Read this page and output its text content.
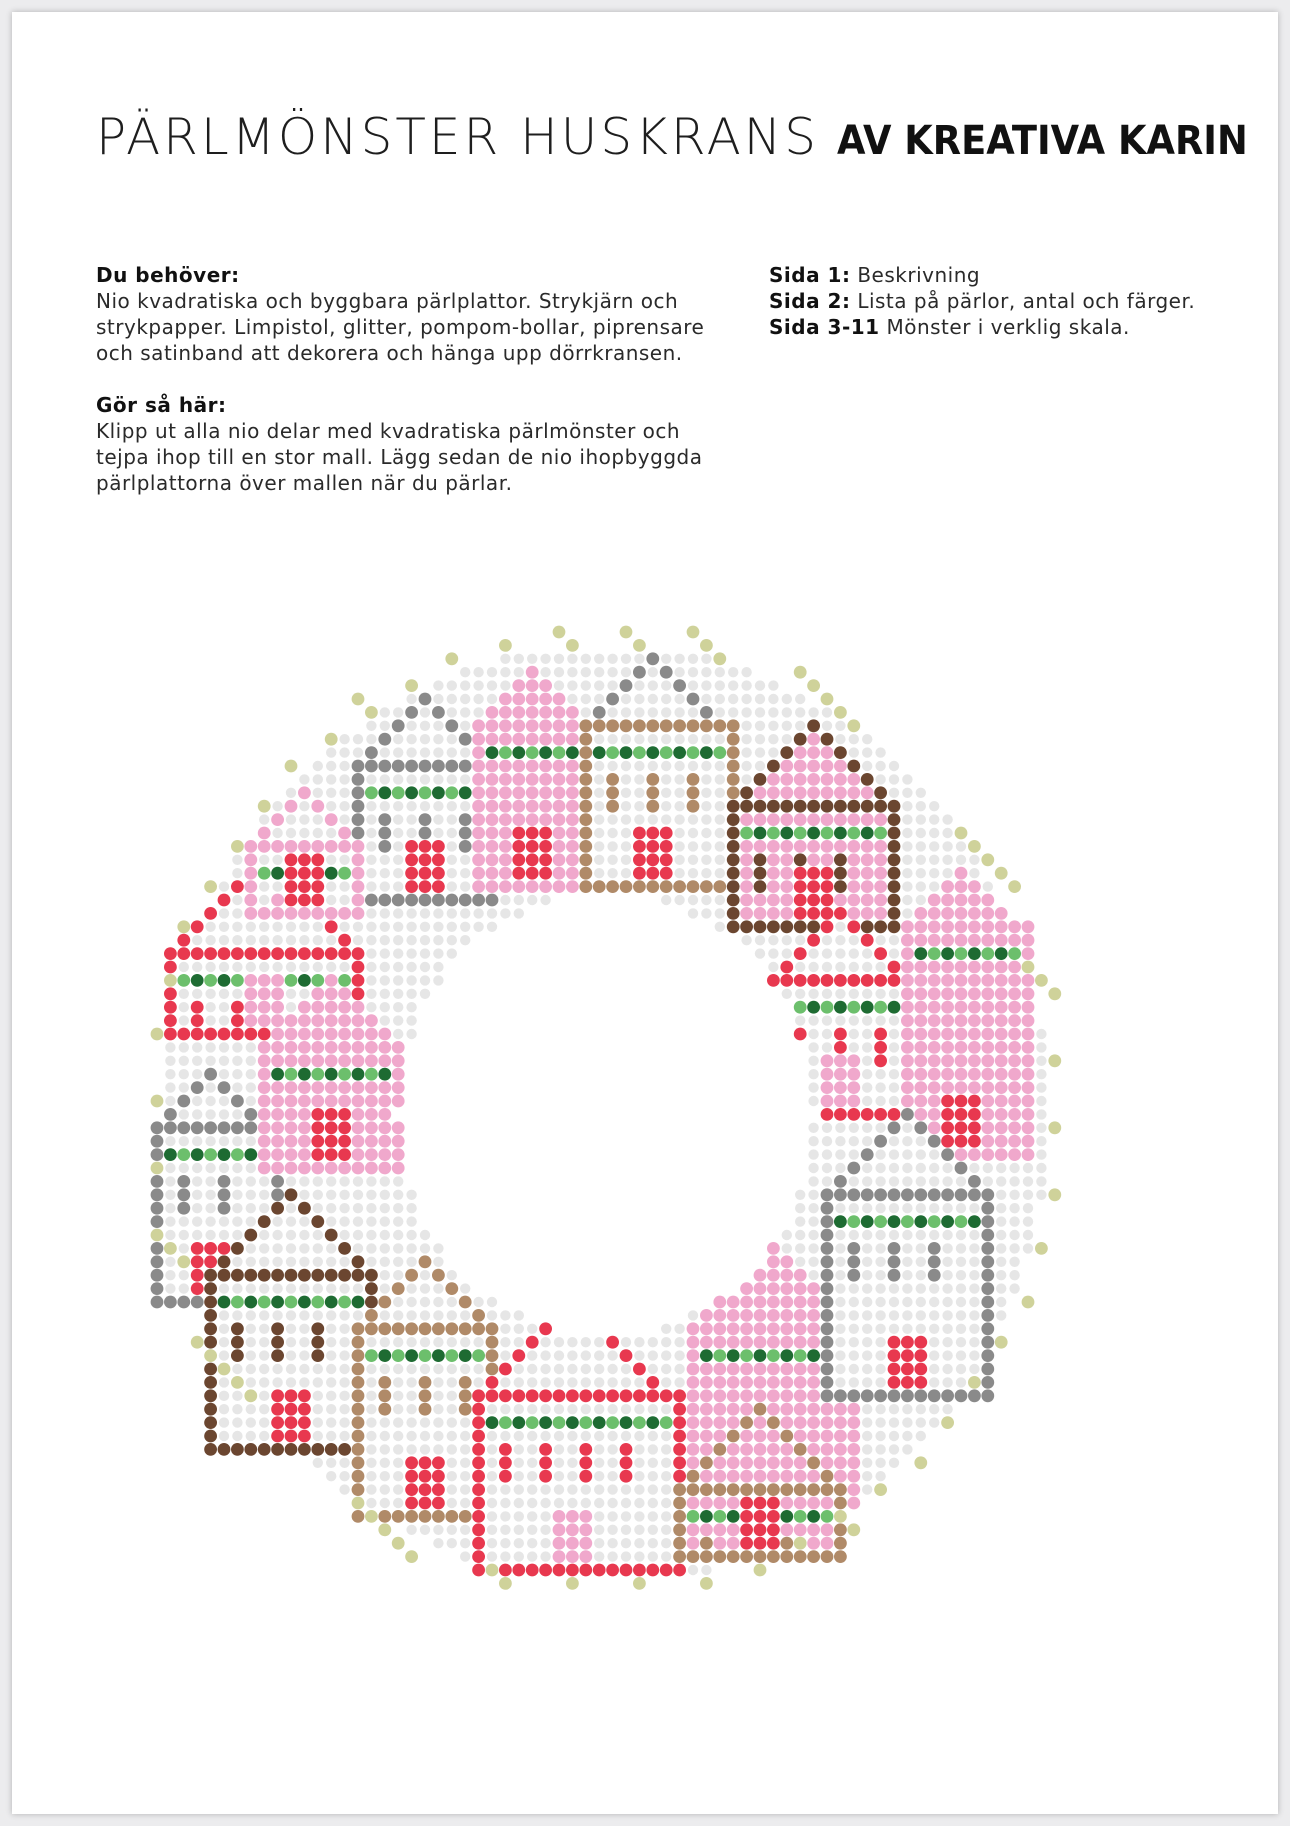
PÄRLMÖNSTER HUSKRANS AV KREATIVA KARIN

Du behöver:

Nio kvadratiska och byggbara pärlplattor. Strykjärn och strykpapper. Limpistol, glitter, pompom-bollar, piprensare och satinband att dekorera och hänga upp dörrkransen.

Gör så här:

Klipp ut alla nio delar med kvadratiska pärlmönster och tejpa ihop till en stor mall. Lägg sedan de nio ihopbyggda pärlplattorna över mallen när du pärlar.

Sida 1: Beskrivning

Sida 2: Lista på pärlor, antal och färger.

Sida 3-11 Mönster i verklig skala.
